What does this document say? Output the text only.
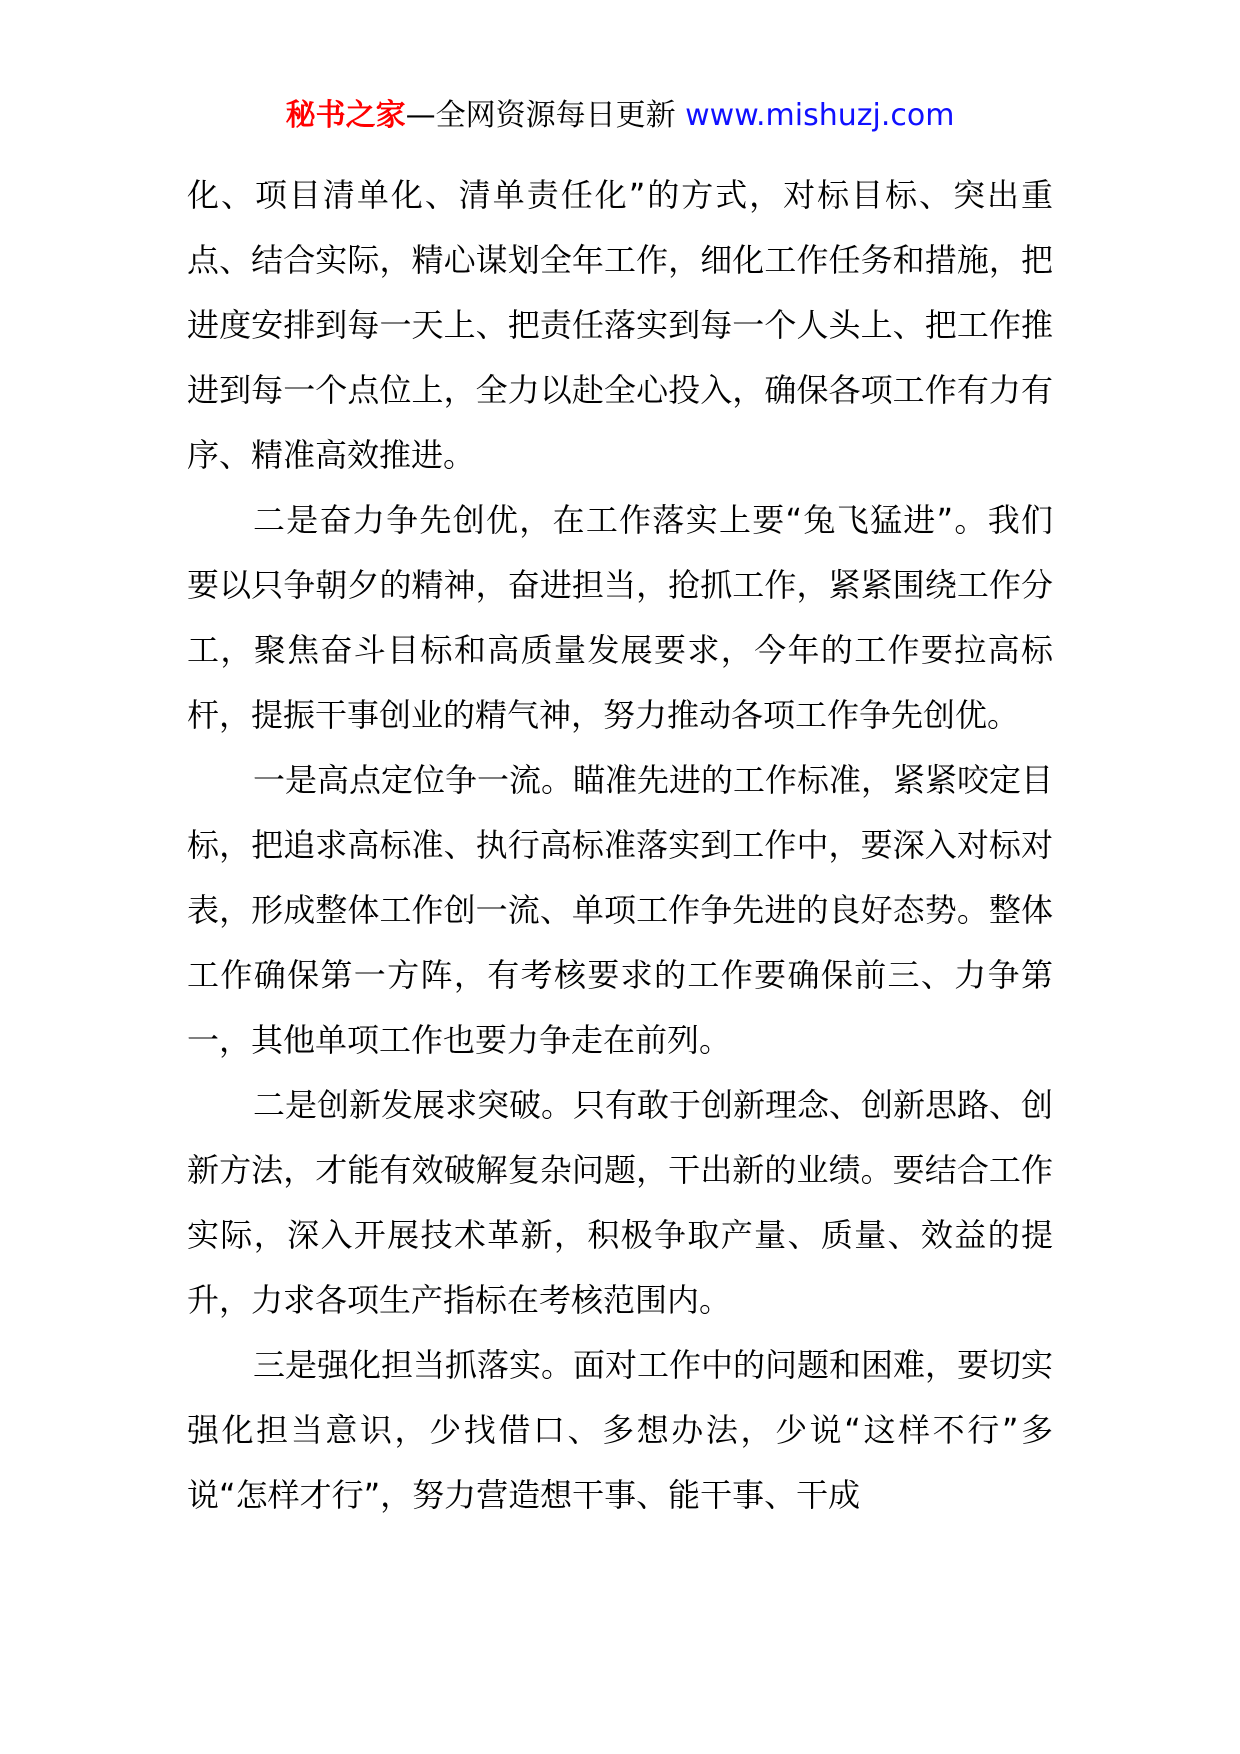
秘书之家—全网资源每日更新 www.mishuzj.com

化、项目清单化、清单责任化”的方式，对标目标、突出重点、结合实际，精心谋划全年工作，细化工作任务和措施，把进度安排到每一天上、把责任落实到每一个人头上、把工作推进到每一个点位上，全力以赴全心投入，确保各项工作有力有序、精准高效推进。

二是奋力争先创优，在工作落实上要“兔飞猛进”。我们要以只争朝夕的精神，奋进担当，抢抓工作，紧紧围绕工作分工，聚焦奋斗目标和高质量发展要求，今年的工作要拉高标杆，提振干事创业的精气神，努力推动各项工作争先创优。

一是高点定位争一流。瞄准先进的工作标准，紧紧咬定目标，把追求高标准、执行高标准落实到工作中，要深入对标对表，形成整体工作创一流、单项工作争先进的良好态势。整体工作确保第一方阵，有考核要求的工作要确保前三、力争第一，其他单项工作也要力争走在前列。

二是创新发展求突破。只有敢于创新理念、创新思路、创新方法，才能有效破解复杂问题，干出新的业绩。要结合工作实际，深入开展技术革新，积极争取产量、质量、效益的提升，力求各项生产指标在考核范围内。

三是强化担当抓落实。面对工作中的问题和困难，要切实强化担当意识，少找借口、多想办法，少说“这样不行”多说“怎样才行”，努力营造想干事、能干事、干成
